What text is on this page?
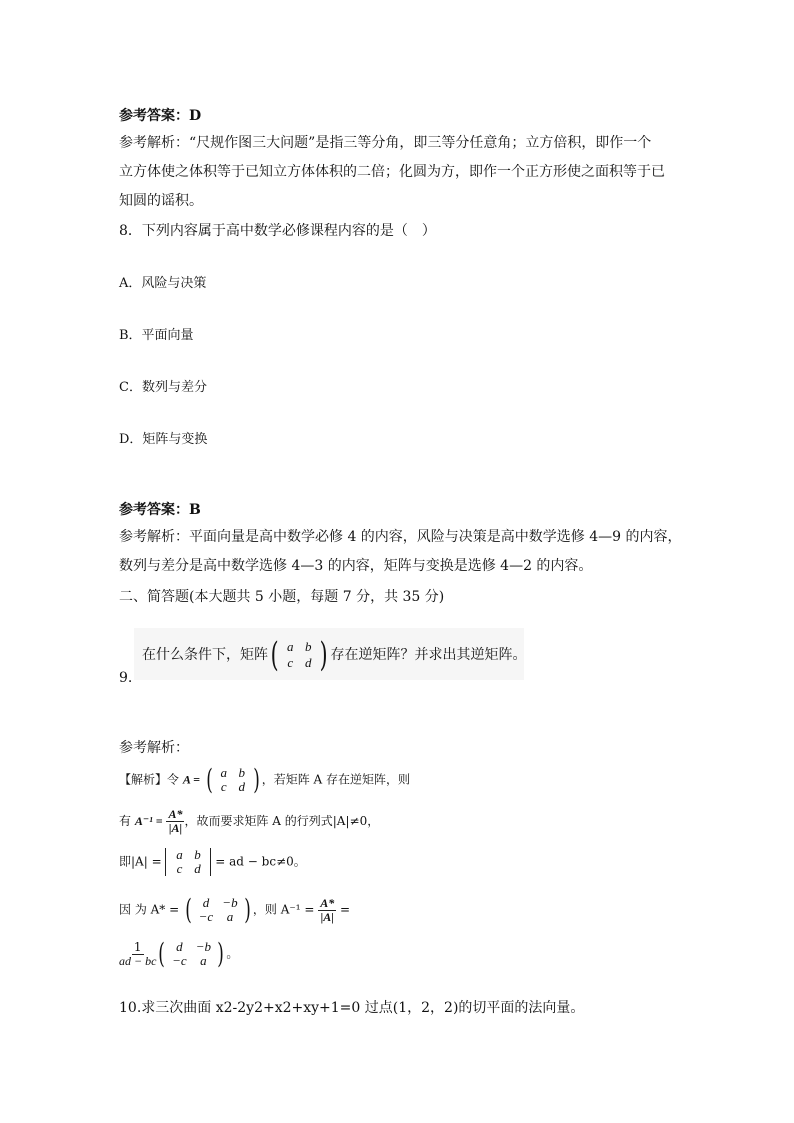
参考答案：D
参考解析：“尺规作图三大问题”是指三等分角，即三等分任意角；立方倍积，即作一个
立方体使之体积等于已知立方体体积的二倍；化圆为方，即作一个正方形使之面积等于已
知圆的谣积。
8．下列内容属于高中数学必修课程内容的是（　）
A．风险与决策
B．平面向量
C．数列与差分
D．矩阵与变换
参考答案：B
参考解析：平面向量是高中数学必修 4 的内容，风险与决策是高中数学选修 4—9 的内容，
数列与差分是高中数学选修 4—3 的内容，矩阵与变换是选修 4—2 的内容。
二、简答题(本大题共 5 小题，每题 7 分，共 35 分)
9.
在什么条件下，矩阵( a b
c d ) 存在逆矩阵？并求出其逆矩阵。
参考解析：
【解析】令 A = ( a b
c d ) ，若矩阵 A 存在逆矩阵，则
有 $A^{-1} = \frac{A*}{|A|}$ ，故而要求矩阵 A 的行列式|A|≠0，
即|A| =	a b
c d	= ad − bc≠0。
因 为 A* = ( d	−b
−c	a ) ，则 $A^{-1} = \frac{A*}{|A|}$ =
$\frac{1}{ad - bc}$ ( d	−b
−c	a ) 。
10.求三次曲面 x2-2y2+x2+xy+1=0 过点(1，2，2)的切平面的法向量。
